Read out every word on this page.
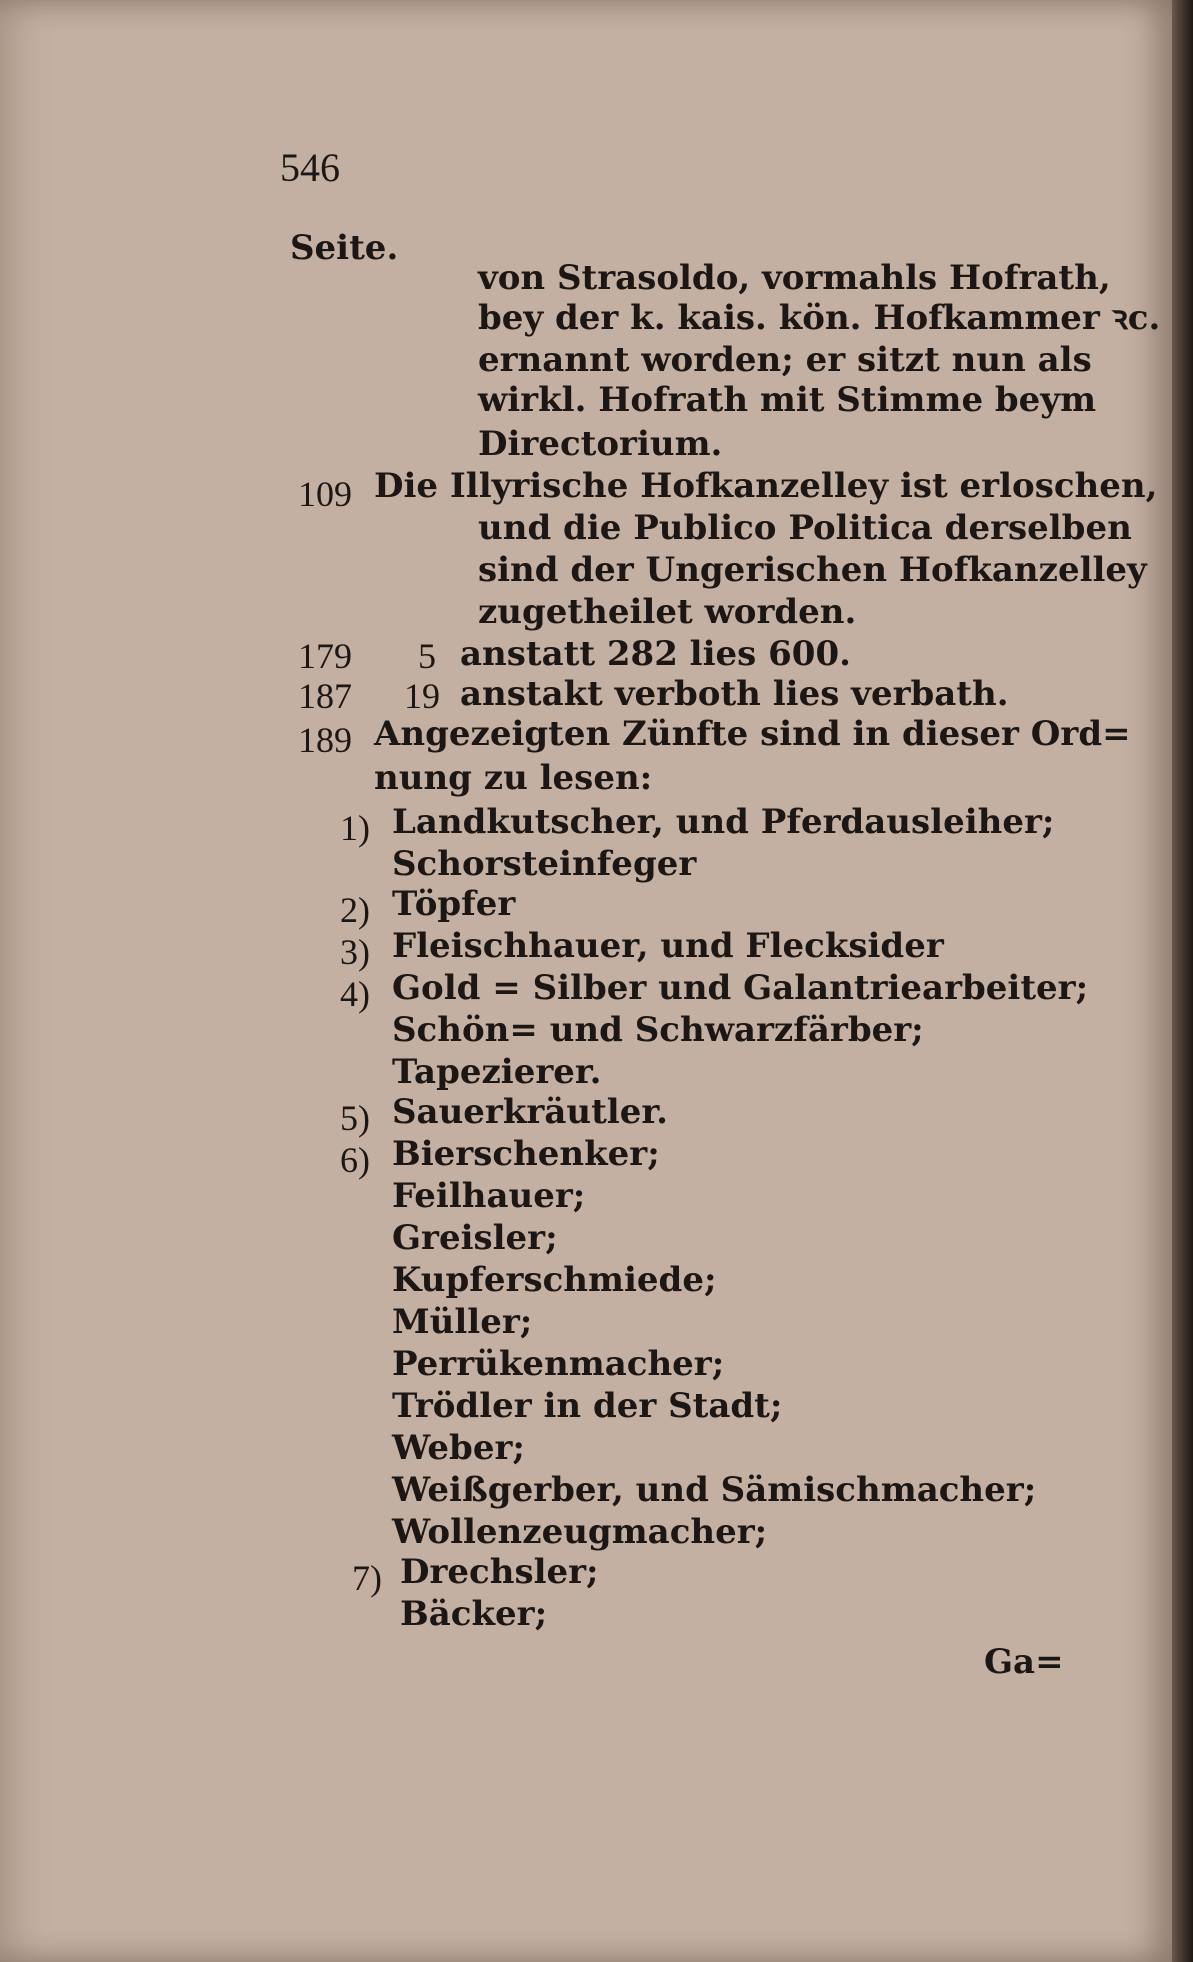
546
Seite.
von Strasoldo, vormahls Hofrath,
bey der k. kais. kön. Hofkammer ꝛc.
ernannt worden; er sitzt nun als
wirkl. Hofrath mit Stimme beym
Directorium.
109 Die Illyrische Hofkanzelley ist erloschen,
und die Publico Politica derselben
sind der Ungerischen Hofkanzelley
zugetheilet worden.
179 5 anstatt 282 lies 600.
187 19 anstakt verboth lies verbath.
189 Angezeigten Zünfte sind in dieser Ord=
nung zu lesen:
1) Landkutscher, und Pferdausleiher;
Schorsteinfeger
2) Töpfer
3) Fleischhauer, und Flecksider
4) Gold = Silber und Galantriearbeiter;
Schön= und Schwarzfärber;
Tapezierer.
5) Sauerkräutler.
6) Bierschenker;
Feilhauer;
Greisler;
Kupferschmiede;
Müller;
Perrükenmacher;
Trödler in der Stadt;
Weber;
Weißgerber, und Sämischmacher;
Wollenzeugmacher;
7) Drechsler;
Bäcker;
Ga=
